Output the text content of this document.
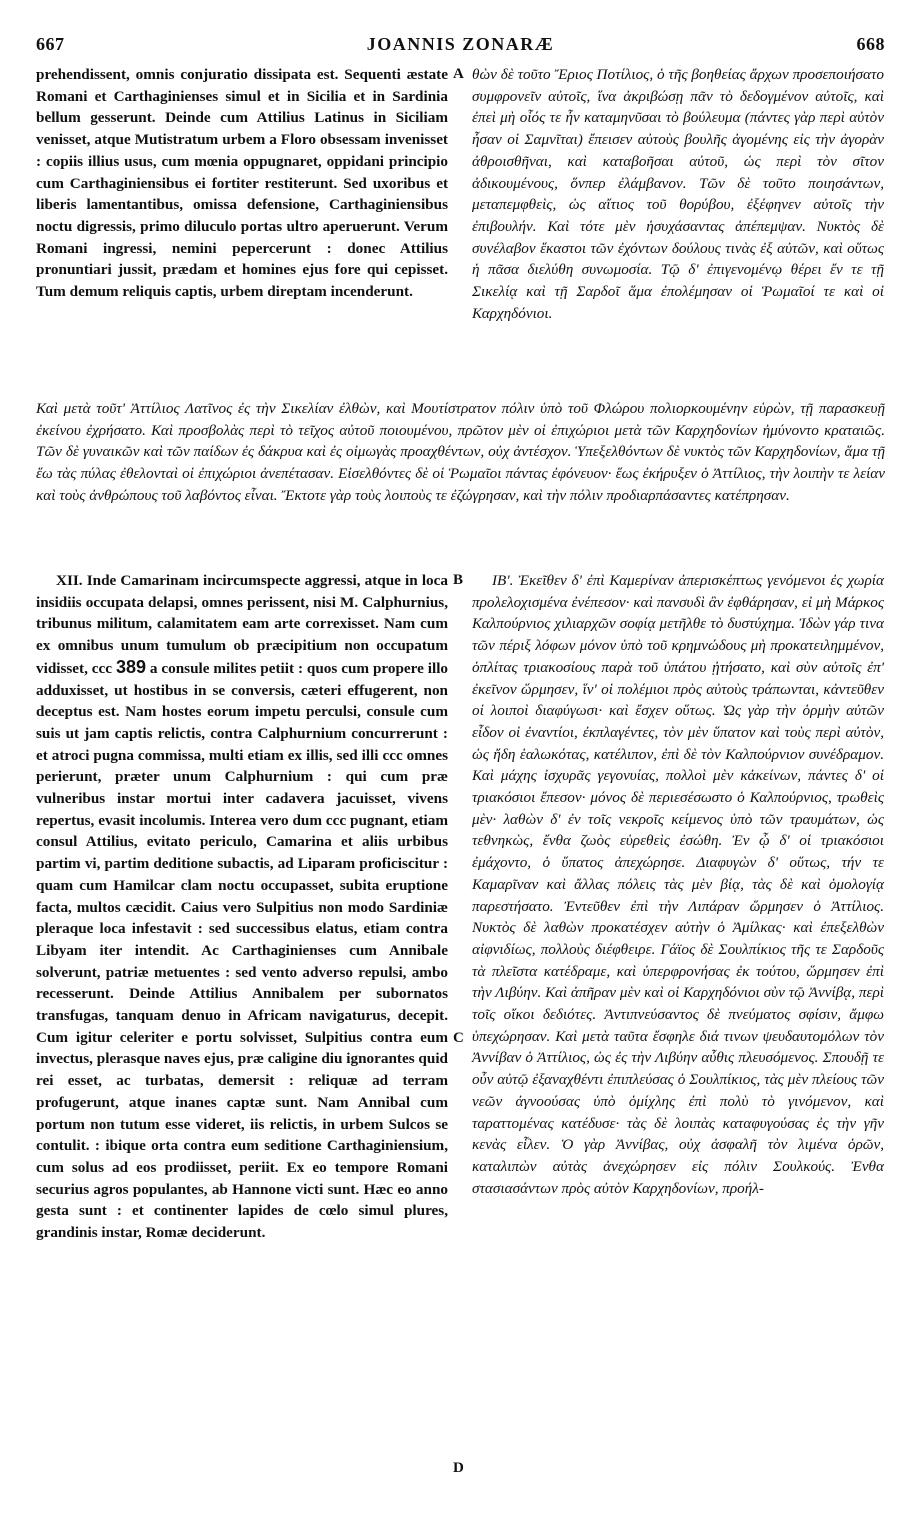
667	JOANNIS ZONARÆ	668

prehendissent, omnis conjuratio dissipata est. Sequenti æstate Romani et Carthaginienses simul et in Sicilia et in Sardinia bellum gesserunt. Deinde cum Attilius Latinus in Siciliam venisset, atque Mutistratum urbem a Floro obsessam invenisset : copiis illius usus, cum mœnia oppugnaret, oppidani principio cum Carthaginiensibus ei fortiter restiterunt. Sed uxoribus et liberis lamentantibus, omissa defensione, Carthaginiensibus noctu digressis, primo diluculo portas ultro aperuerunt. Verum Romani ingressi, nemini pepercerunt : donec Attilius pronuntiari jussit, prædam et homines ejus fore qui cepisset. Tum demum reliquis captis, urbem direptam incenderunt.

A θὼν δὲ τοῦτο Ἔριος Ποτίλιος, ὁ τῆς βοηθείας ἄρχων προσεποιήσατο συμφρονεῖν αὐτοῖς, ἵνα ἀκριβώσῃ πᾶν τὸ δεδογμένον αὐτοῖς, καὶ ἐπεὶ μὴ οἷός τε ἦν καταμηνῦσαι τὸ βούλευμα (πάντες γὰρ περὶ αὐτὸν ἦσαν οἱ Σαμνῖται) ἔπεισεν αὐτοὺς βουλῆς ἀγομένης εἰς τὴν ἀγορὰν ἀθροισθῆναι, καὶ καταβοῆσαι αὐτοῦ, ὡς περὶ τὸν σῖτον ἀδικουμένους, ὅνπερ ἐλάμβανον. Τῶν δὲ τοῦτο ποιησάντων, μεταπεμφθεὶς, ὡς αἴτιος τοῦ θορύβου, ἐξέφηνεν αὐτοῖς τὴν ἐπιβουλήν. Καὶ τότε μὲν ἡσυχάσαντας ἀπέπεμψαν. Νυκτὸς δὲ συνέλαβον ἕκαστοι τῶν ἐχόντων δούλους τινὰς ἐξ αὐτῶν, καὶ οὕτως ἡ πᾶσα διελύθη συνωμοσία. Τῷ δ' ἐπιγενομένῳ θέρει ἔν τε τῇ Σικελίᾳ καὶ τῇ Σαρδοῖ ἅμα ἐπολέμησαν οἱ Ῥωμαῖοί τε καὶ οἱ Καρχηδόνιοι.

Καὶ μετὰ τοῦτ' Ἀττίλιος Λατῖνος ἐς τὴν Σικελίαν ἐλθὼν, καὶ Μουτίστρατον πόλιν ὑπὸ τοῦ Φλώρου πολιορκουμένην εὑρὼν, τῇ παρασκευῇ ἐκείνου ἐχρήσατο. Καὶ προσβολὰς περὶ τὸ τεῖχος αὐτοῦ ποιουμένου, πρῶτον μὲν οἱ ἐπιχώριοι μετὰ τῶν Καρχηδονίων ἠμύνοντο κραταιῶς. Τῶν δὲ γυναικῶν καὶ τῶν παίδων ἐς δάκρυα καὶ ἐς οἰμωγὰς προαχθέντων, οὐχ ἀντέσχον. Ὑπεξελθόντων δὲ νυκτὸς τῶν Καρχηδονίων, ἅμα τῇ ἕω τὰς πύλας ἐθελονταὶ οἱ ἐπιχώριοι ἀνεπέτασαν. Εἰσελθόντες δὲ οἱ Ῥωμαῖοι πάντας ἐφόνευον· ἕως ἐκήρυξεν ὁ Ἀττίλιος, τὴν λοιπὴν τε λείαν καὶ τοὺς ἀνθρώπους τοῦ λαβόντος εἶναι. Ἔκτοτε γὰρ τοὺς λοιποὺς τε ἐζώγρησαν, καὶ τὴν πόλιν προδιαρπάσαντες κατέπρησαν.

XII. Inde Camarinam incircumspecte aggressi, atque in loca insidiis occupata delapsi, omnes perissent, nisi M. Calphurnius, tribunus militum, calamitatem eam arte correxisset. Nam cum ex omnibus unum tumulum ob præcipitium non occupatum vidisset, ccc 389 a consule milites petiit : quos cum propere illo adduxisset, ut hostibus in se conversis, cæteri effugerent, non deceptus est. Nam hostes eorum impetu perculsi, consule cum suis ut jam captis relictis, contra Calphurnium concurrerunt : et atroci pugna commissa, multi etiam ex illis, sed illi ccc omnes perierunt, præter unum Calphurnium : qui cum præ vulneribus instar mortui inter cadavera jacuisset, vivens repertus, evasit incolumis. Interea vero dum ccc pugnant, etiam consul Attilius, evitato periculo, Camarina et aliis urbibus partim vi, partim deditione subactis, ad Liparam proficiscitur : quam cum Hamilcar clam noctu occupasset, subita eruptione facta, multos cæcidit. Caius vero Sulpitius non modo Sardiniæ pleraque loca infestavit : sed successibus elatus, etiam contra Libyam iter intendit. Ac Carthaginienses cum Annibale solverunt, patriæ metuentes : sed vento adverso repulsi, ambo recesserunt. Deinde Attilius Annibalem per subornatos transfugas, tanquam denuo in Africam navigaturus, decepit. Cum igitur celeriter e portu solvisset, Sulpitius contra eum invectus, plerasque naves ejus, præ caligine diu ignorantes quid rei esset, ac turbatas, demersit : reliquæ ad terram profugerunt, atque inanes captæ sunt. Nam Annibal cum portum non tutum esse videret, iis relictis, in urbem Sulcos se contulit. : ibique orta contra eum seditione Carthaginiensium, cum solus ad eos prodiisset, periit. Ex eo tempore Romani securius agros populantes, ab Hannone victi sunt. Hæc eo anno gesta sunt : et continenter lapides de cœlo simul plures, grandinis instar, Romæ deciderunt.

B
C
D

ΙΒ'. Ἐκεῖθεν δ' ἐπὶ Καμερίναν ἀπερισκέπτως γενόμενοι ἐς χωρία προλελοχισμένα ἐνέπεσον· καὶ πανσυδὶ ἂν ἐφθάρησαν, εἰ μὴ Μάρκος Καλπούρνιος χιλιαρχῶν σοφίᾳ μετῆλθε τὸ δυστύχημα. Ἰδὼν γάρ τινα τῶν πέριξ λόφων μόνον ὑπὸ τοῦ κρημνώδους μὴ προκατειλημμένον, ὁπλίτας τριακοσίους παρὰ τοῦ ὑπάτου ᾐτήσατο, καὶ σὺν αὐτοῖς ἐπ' ἐκεῖνον ὥρμησεν, ἵν' οἱ πολέμιοι πρὸς αὐτοὺς τράπωνται, κἀντεῦθεν οἱ λοιποὶ διαφύγωσι· καὶ ἔσχεν οὕτως. Ὡς γὰρ τὴν ὁρμὴν αὐτῶν εἶδον οἱ ἐναντίοι, ἐκπλαγέντες, τὸν μὲν ὕπατον καὶ τοὺς περὶ αὐτὸν, ὡς ἤδη ἑαλωκότας, κατέλιπον, ἐπὶ δὲ τὸν Καλπούρνιον συνέδραμον. Καὶ μάχης ἰσχυρᾶς γεγονυίας, πολλοὶ μὲν κἀκείνων, πάντες δ' οἱ τριακόσιοι ἔπεσον· μόνος δὲ περιεσέσωστο ὁ Καλπούρνιος, τρωθεὶς μὲν· λαθὼν δ' ἐν τοῖς νεκροῖς κείμενος ὑπὸ τῶν τραυμάτων, ὡς τεθνηκὼς, ἔνθα ζωὸς εὑρεθεὶς ἐσώθη. Ἐν ᾧ δ' οἱ τριακόσιοι ἐμάχοντο, ὁ ὕπατος ἀπεχώρησε. Διαφυγὼν δ' οὕτως, τήν τε Καμαρῖναν καὶ ἄλλας πόλεις τὰς μὲν βίᾳ, τὰς δὲ καὶ ὁμολογίᾳ παρεστήσατο. Ἐντεῦθεν ἐπὶ τὴν Λιπάραν ὥρμησεν ὁ Ἀττίλιος. Νυκτὸς δὲ λαθὼν προκατέσχεν αὐτὴν ὁ Ἀμίλκας· καὶ ἐπεξελθὼν αἰφνιδίως, πολλοὺς διέφθειρε. Γάϊος δὲ Σουλπίκιος τῆς τε Σαρδοῦς τὰ πλεῖστα κατέδραμε, καὶ ὑπερφρονήσας ἐκ τούτου, ὥρμησεν ἐπὶ τὴν Λιβύην. Καὶ ἀπῆραν μὲν καὶ οἱ Καρχηδόνιοι σὺν τῷ Ἀννίβᾳ, περὶ τοῖς οἴκοι δεδιότες. Ἀντιπνεύσαντος δὲ πνεύματος σφίσιν, ἄμφω ὑπεχώρησαν. Καὶ μετὰ ταῦτα ἔσφηλε διά τινων ψευδαυτομόλων τὸν Ἀννίβαν ὁ Ἀττίλιος, ὡς ἐς τὴν Λιβύην αὖθις πλευσόμενος. Σπουδῇ τε οὖν αὐτῷ ἐξαναχθέντι ἐπιπλεύσας ὁ Σουλπίκιος, τὰς μὲν πλείους τῶν νεῶν ἀγνοούσας ὑπὸ ὁμίχλης ἐπὶ πολὺ τὸ γινόμενον, καὶ ταραττομένας κατέδυσε· τὰς δὲ λοιπὰς καταφυγούσας ἐς τὴν γῆν κενὰς εἷλεν. Ὁ γὰρ Ἀννίβας, οὐχ ἀσφαλῆ τὸν λιμένα ὁρῶν, καταλιπὼν αὐτὰς ἀνεχώρησεν εἰς πόλιν Σουλκούς. Ἐνθα στασιασάντων πρὸς αὐτὸν Καρχηδονίων, προήλ-
